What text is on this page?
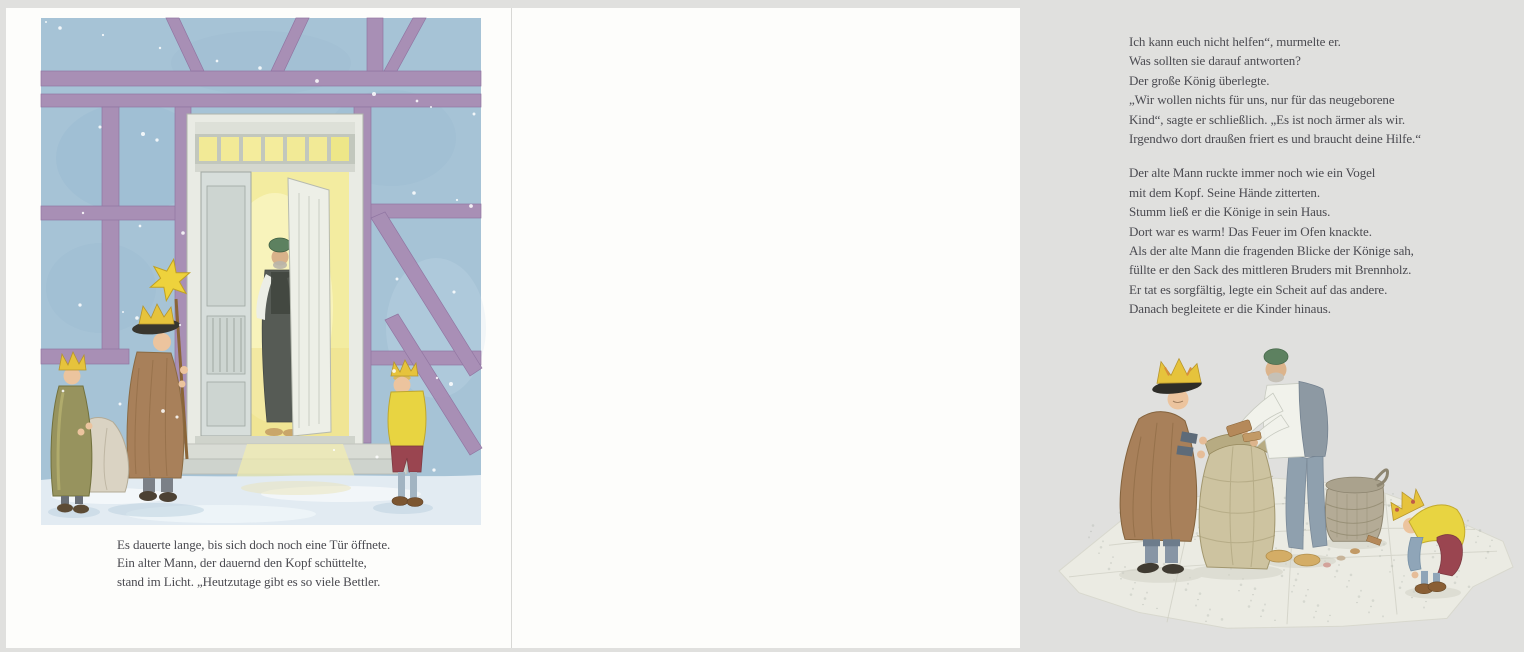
Es dauerte lange, bis sich doch noch eine Tür öffnete.
Ein alter Mann, der dauernd den Kopf schüttelte,
stand im Licht. „Heutzutage gibt es so viele Bettler.
Ich kann euch nicht helfen“, murmelte er.
Was sollten sie darauf antworten?
Der große König überlegte.
„Wir wollen nichts für uns, nur für das neugeborene
Kind“, sagte er schließlich. „Es ist noch ärmer als wir.
Irgendwo dort draußen friert es und braucht deine Hilfe.“
Der alte Mann ruckte immer noch wie ein Vogel
mit dem Kopf. Seine Hände zitterten.
Stumm ließ er die Könige in sein Haus.
Dort war es warm! Das Feuer im Ofen knackte.
Als der alte Mann die fragenden Blicke der Könige sah,
füllte er den Sack des mittleren Bruders mit Brennholz.
Er tat es sorgfältig, legte ein Scheit auf das andere.
Danach begleitete er die Kinder hinaus.
